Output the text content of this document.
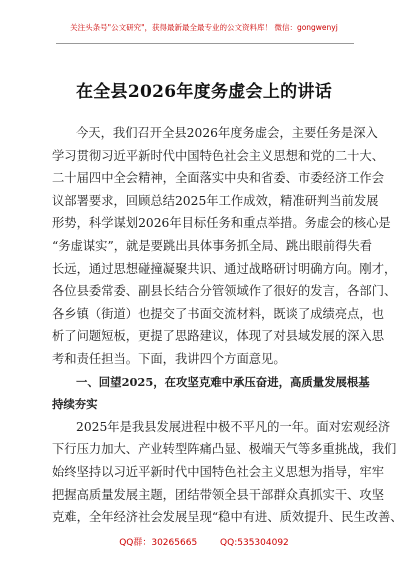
关注头条号"公文研究"，获得最新最全最专业的公文资料库！ 微信：gongwenyj
在全县2026年度务虚会上的讲话
今天，我们召开全县2026年度务虚会，主要任务是深入
学习贯彻习近平新时代中国特色社会主义思想和党的二十大、
二十届四中全会精神，全面落实中央和省委、市委经济工作会
议部署要求，回顾总结2025年工作成效，精准研判当前发展
形势，科学谋划2026年目标任务和重点举措。务虚会的核心是
“务虚谋实”，就是要跳出具体事务抓全局、跳出眼前得失看
长远，通过思想碰撞凝聚共识、通过战略研讨明确方向。刚才，
各位县委常委、副县长结合分管领域作了很好的发言，各部门、
各乡镇（街道）也提交了书面交流材料，既谈了成绩亮点，也
析了问题短板，更提了思路建议，体现了对县域发展的深入思
考和责任担当。下面，我讲四个方面意见。
一、回望2025，在攻坚克难中承压奋进，高质量发展根基
持续夯实
2025年是我县发展进程中极不平凡的一年。面对宏观经济
下行压力加大、产业转型阵痛凸显、极端天气等多重挑战，我们
始终坚持以习近平新时代中国特色社会主义思想为指导，牢牢
把握高质量发展主题，团结带领全县干部群众真抓实干、攻坚
克难，全年经济社会发展呈现“稳中有进、质效提升、民生改善、
QQ群：30265665	QQ:535304092
